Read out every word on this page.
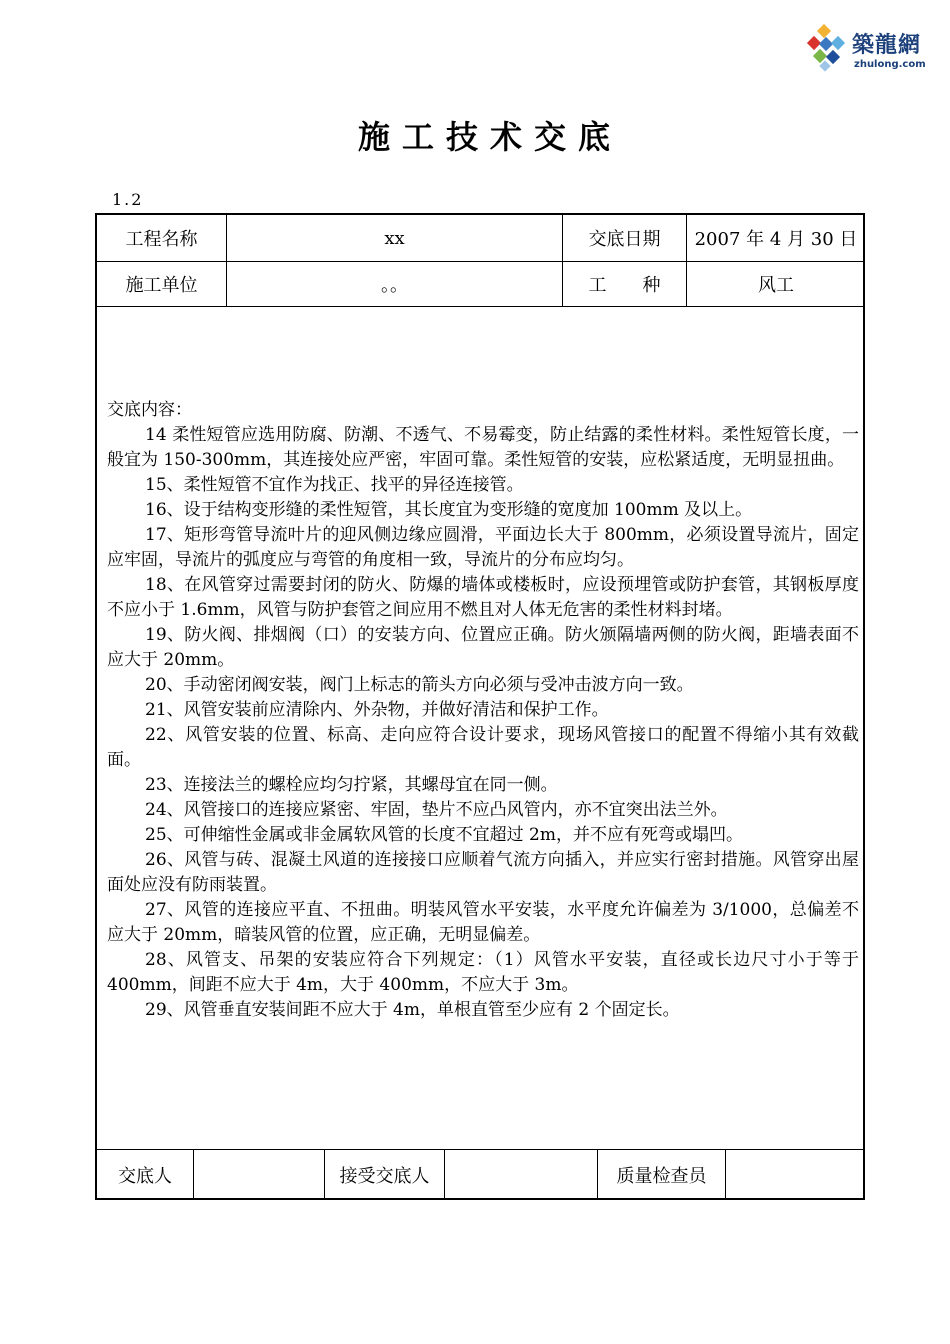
築龍網
zhulong.com
施工技术交底
1.2
工程名称	xx	交底日期	2007 年 4 月 30 日
施工单位	。。	工　　种	风工

交底内容：

14 柔性短管应选用防腐、防潮、不透气、不易霉变，防止结露的柔性材料。柔性短管长度，一般宜为 150-300mm，其连接处应严密，牢固可靠。柔性短管的安装，应松紧适度，无明显扭曲。

15、柔性短管不宜作为找正、找平的异径连接管。

16、设于结构变形缝的柔性短管，其长度宜为变形缝的宽度加 100mm 及以上。

17、矩形弯管导流叶片的迎风侧边缘应圆滑，平面边长大于 800mm，必须设置导流片，固定应牢固，导流片的弧度应与弯管的角度相一致，导流片的分布应均匀。

18、在风管穿过需要封闭的防火、防爆的墙体或楼板时，应设预埋管或防护套管，其钢板厚度不应小于 1.6mm，风管与防护套管之间应用不燃且对人体无危害的柔性材料封堵。

19、防火阀、排烟阀（口）的安装方向、位置应正确。防火颁隔墙两侧的防火阀，距墙表面不应大于 20mm。

20、手动密闭阀安装，阀门上标志的箭头方向必须与受冲击波方向一致。

21、风管安装前应清除内、外杂物，并做好清洁和保护工作。

22、风管安装的位置、标高、走向应符合设计要求，现场风管接口的配置不得缩小其有效截面。

23、连接法兰的螺栓应均匀拧紧，其螺母宜在同一侧。

24、风管接口的连接应紧密、牢固，垫片不应凸风管内，亦不宜突出法兰外。

25、可伸缩性金属或非金属软风管的长度不宜超过 2m，并不应有死弯或塌凹。

26、风管与砖、混凝土风道的连接接口应顺着气流方向插入，并应实行密封措施。风管穿出屋面处应没有防雨装置。

27、风管的连接应平直、不扭曲。明装风管水平安装，水平度允许偏差为 3/1000，总偏差不应大于 20mm，暗装风管的位置，应正确，无明显偏差。

28、风管支、吊架的安装应符合下列规定：（1）风管水平安装，直径或长边尺寸小于等于 400mm，间距不应大于 4m，大于 400mm，不应大于 3m。

29、风管垂直安装间距不应大于 4m，单根直管至少应有 2 个固定长。

交底人	接受交底人	质量检查员
